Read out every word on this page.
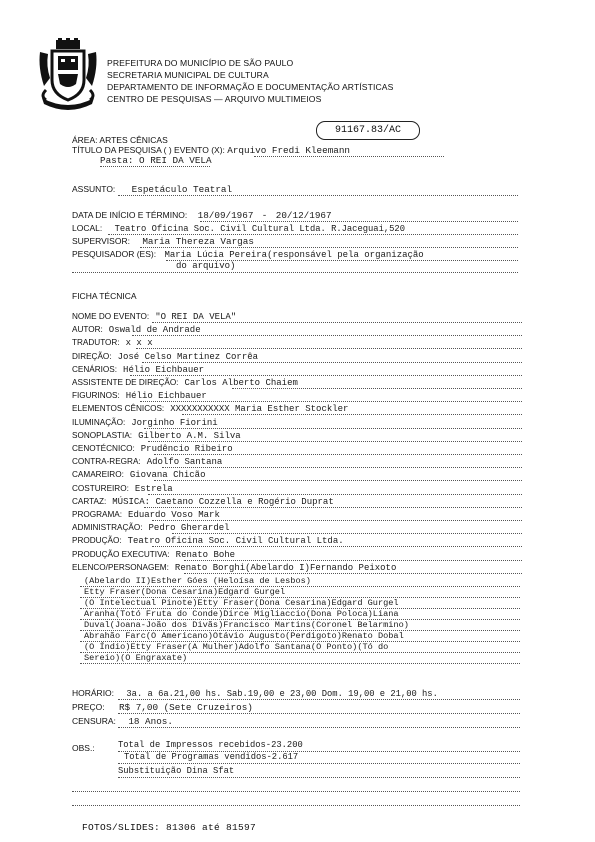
PREFEITURA DO MUNICÍPIO DE SÃO PAULO
SECRETARIA MUNICIPAL DE CULTURA
DEPARTAMENTO DE INFORMAÇÃO E DOCUMENTAÇÃO ARTÍSTICAS
CENTRO DE PESQUISAS — ARQUIVO MULTIMEIOS
91167.83/AC
ÁREA: ARTES CÊNICAS
TÍTULO DA PESQUISA ( ) EVENTO (X): Arquivo Fredi Kleemann
Pasta: O REI DA VELA
ASSUNTO: Espetáculo Teatral
DATA DE INÍCIO E TÉRMINO: 18/09/1967 - 20/12/1967
LOCAL: Teatro Oficina Soc. Civil Cultural Ltda. R.Jaceguai,520
SUPERVISOR: Maria Thereza Vargas
PESQUISADOR (ES): Maria Lúcia Pereira(responsável pela organização
do arquivo)
FICHA TÉCNICA
NOME DO EVENTO: "O REI DA VELA"
AUTOR: Oswald de Andrade
TRADUTOR: x x x
DIREÇÃO: José Celso Martinez Corrêa
CENÁRIOS: Hélio Eichbauer
ASSISTENTE DE DIREÇÃO: Carlos Alberto Chaiem
FIGURINOS: Hélio Eichbauer
ELEMENTOS CÊNICOS: XXXXXXXXXXX Maria Esther Stockler
ILUMINAÇÃO: Jorginho Fiorini
SONOPLASTIA: Gilberto A.M. Silva
CENOTÉCNICO: Prudêncio Ribeiro
CONTRA-REGRA: Adolfo Santana
CAMAREIRO: Giovana Chicão
COSTUREIRO: Estrela
CARTAZ: MÚSICA: Caetano Cozzella e Rogério Duprat
PROGRAMA: Eduardo Voso Mark
ADMINISTRAÇÃO: Pedro Gherardel
PRODUÇÃO: Teatro Oficina Soc. Civil Cultural Ltda.
PRODUÇÃO EXECUTIVA: Renato Bohe
ELENCO/PERSONAGEM: Renato Borghi(Abelardo I)Fernando Peixoto
(Abelardo II)Esther Góes (Heloísa de Lesbos)
Etty Fraser(Dona Cesarina)Edgard Gurgel
(O Intelectual Pinote)Etty Fraser(Dona Cesarina)Edgard Gurgel
Aranha(Totó Fruta do Conde)Dirce Migliaccio(Dona Poloca)Liana
Duval(Joana-João dos Divãs)Francisco Martins(Coronel Belarmino)
Abrahão Farc(O Americano)Otávio Augusto(Perdigoto)Renato Dobal
(O Índio)Etty Fraser(A Mulher)Adolfo Santana(O Ponto)(Tó do
Sereio)(O Engraxate)
HORÁRIO: 3a. a 6a.21,00 hs. Sab.19,00 e 23,00 Dom. 19,00 e 21,00 hs.
PREÇO: R$ 7,00 (Sete Cruzeiros)
CENSURA: 18 Anos.
OBS.:	Total de Impressos recebidos-23.200
Total de Programas vendidos-2.617
Substituição Dina Sfat
FOTOS/SLIDES: 81306 até 81597
